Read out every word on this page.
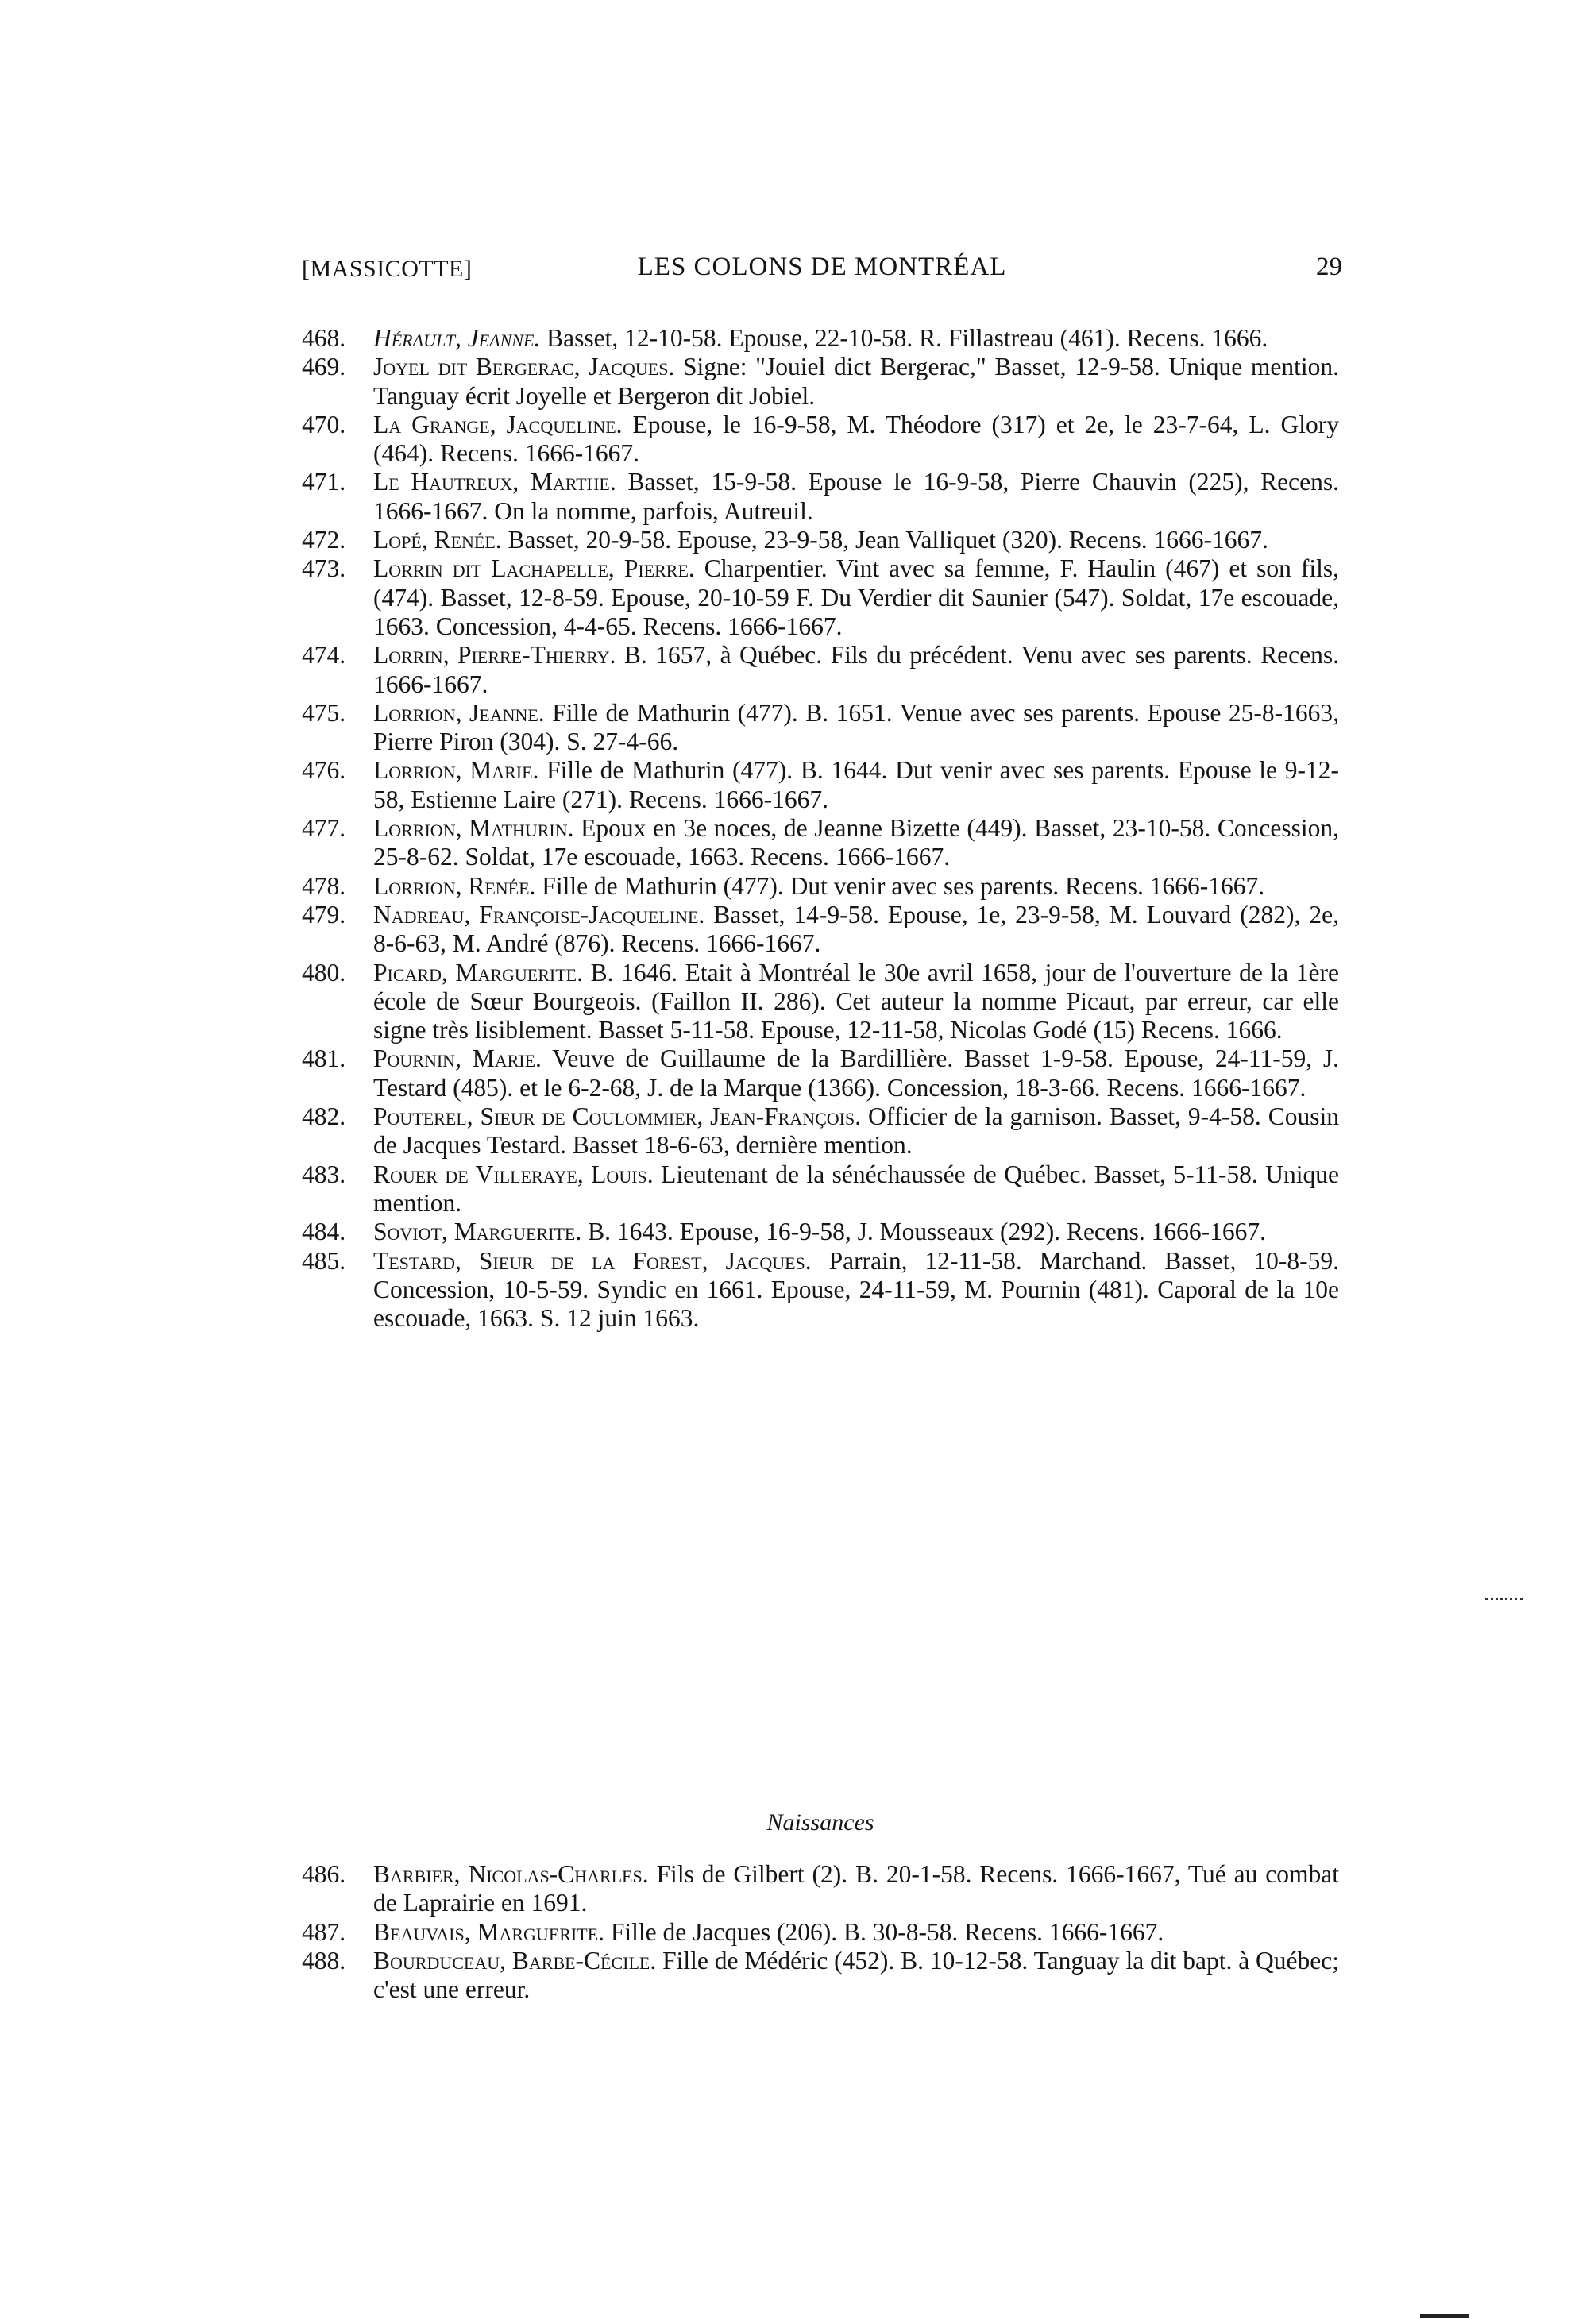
[MASSICOTTE]	LES COLONS DE MONTRÉAL	29
468.	Hérault, Jeanne. Basset, 12-10-58. Epouse, 22-10-58. R. Fillastreau (461). Recens. 1666.
469.	Joyel dit Bergerac, Jacques. Signe: "Jouiel dict Bergerac," Basset, 12-9-58. Unique mention. Tanguay écrit Joyelle et Bergeron dit Jobiel.
470.	La Grange, Jacqueline. Epouse, le 16-9-58, M. Théodore (317) et 2e, le 23-7-64, L. Glory (464). Recens. 1666-1667.
471.	Le Hautreux, Marthe. Basset, 15-9-58. Epouse le 16-9-58, Pierre Chauvin (225), Recens. 1666-1667. On la nomme, parfois, Autreuil.
472.	Lopé, Renée. Basset, 20-9-58. Epouse, 23-9-58, Jean Valliquet (320). Recens. 1666-1667.
473.	Lorrin dit Lachapelle, Pierre. Charpentier. Vint avec sa femme, F. Haulin (467) et son fils, (474). Basset, 12-8-59. Epouse, 20-10-59 F. Du Verdier dit Saunier (547). Soldat, 17e escouade, 1663. Concession, 4-4-65. Recens. 1666-1667.
474.	Lorrin, Pierre-Thierry. B. 1657, à Québec. Fils du précédent. Venu avec ses parents. Recens. 1666-1667.
475.	Lorrion, Jeanne. Fille de Mathurin (477). B. 1651. Venue avec ses parents. Epouse 25-8-1663, Pierre Piron (304). S. 27-4-66.
476.	Lorrion, Marie. Fille de Mathurin (477). B. 1644. Dut venir avec ses parents. Epouse le 9-12-58, Estienne Laire (271). Recens. 1666-1667.
477.	Lorrion, Mathurin. Epoux en 3e noces, de Jeanne Bizette (449). Basset, 23-10-58. Concession, 25-8-62. Soldat, 17e escouade, 1663. Recens. 1666-1667.
478.	Lorrion, Renée. Fille de Mathurin (477). Dut venir avec ses parents. Recens. 1666-1667.
479.	Nadreau, Françoise-Jacqueline. Basset, 14-9-58. Epouse, 1e, 23-9-58, M. Louvard (282), 2e, 8-6-63, M. André (876). Recens. 1666-1667.
480.	Picard, Marguerite. B. 1646. Etait à Montréal le 30e avril 1658, jour de l'ouverture de la 1ère école de Sœur Bourgeois. (Faillon II. 286). Cet auteur la nomme Picaut, par erreur, car elle signe très lisiblement. Basset 5-11-58. Epouse, 12-11-58, Nicolas Godé (15) Recens. 1666.
481.	Pournin, Marie. Veuve de Guillaume de la Bardillière. Basset 1-9-58. Epouse, 24-11-59, J. Testard (485). et le 6-2-68, J. de la Marque (1366). Concession, 18-3-66. Recens. 1666-1667.
482.	Pouterel, Sieur de Coulommier, Jean-François. Officier de la garnison. Basset, 9-4-58. Cousin de Jacques Testard. Basset 18-6-63, dernière mention.
483.	Rouer de Villeraye, Louis. Lieutenant de la sénéchaussée de Québec. Basset, 5-11-58. Unique mention.
484.	Soviot, Marguerite. B. 1643. Epouse, 16-9-58, J. Mousseaux (292). Recens. 1666-1667.
485.	Testard, Sieur de la Forest, Jacques. Parrain, 12-11-58. Marchand. Basset, 10-8-59. Concession, 10-5-59. Syndic en 1661. Epouse, 24-11-59, M. Pournin (481). Caporal de la 10e escouade, 1663. S. 12 juin 1663.
Naissances
486.	Barbier, Nicolas-Charles. Fils de Gilbert (2). B. 20-1-58. Recens. 1666-1667, Tué au combat de Laprairie en 1691.
487.	Beauvais, Marguerite. Fille de Jacques (206). B. 30-8-58. Recens. 1666-1667.
488.	Bourduceau, Barbe-Cécile. Fille de Médéric (452). B. 10-12-58. Tanguay la dit bapt. à Québec; c'est une erreur.
